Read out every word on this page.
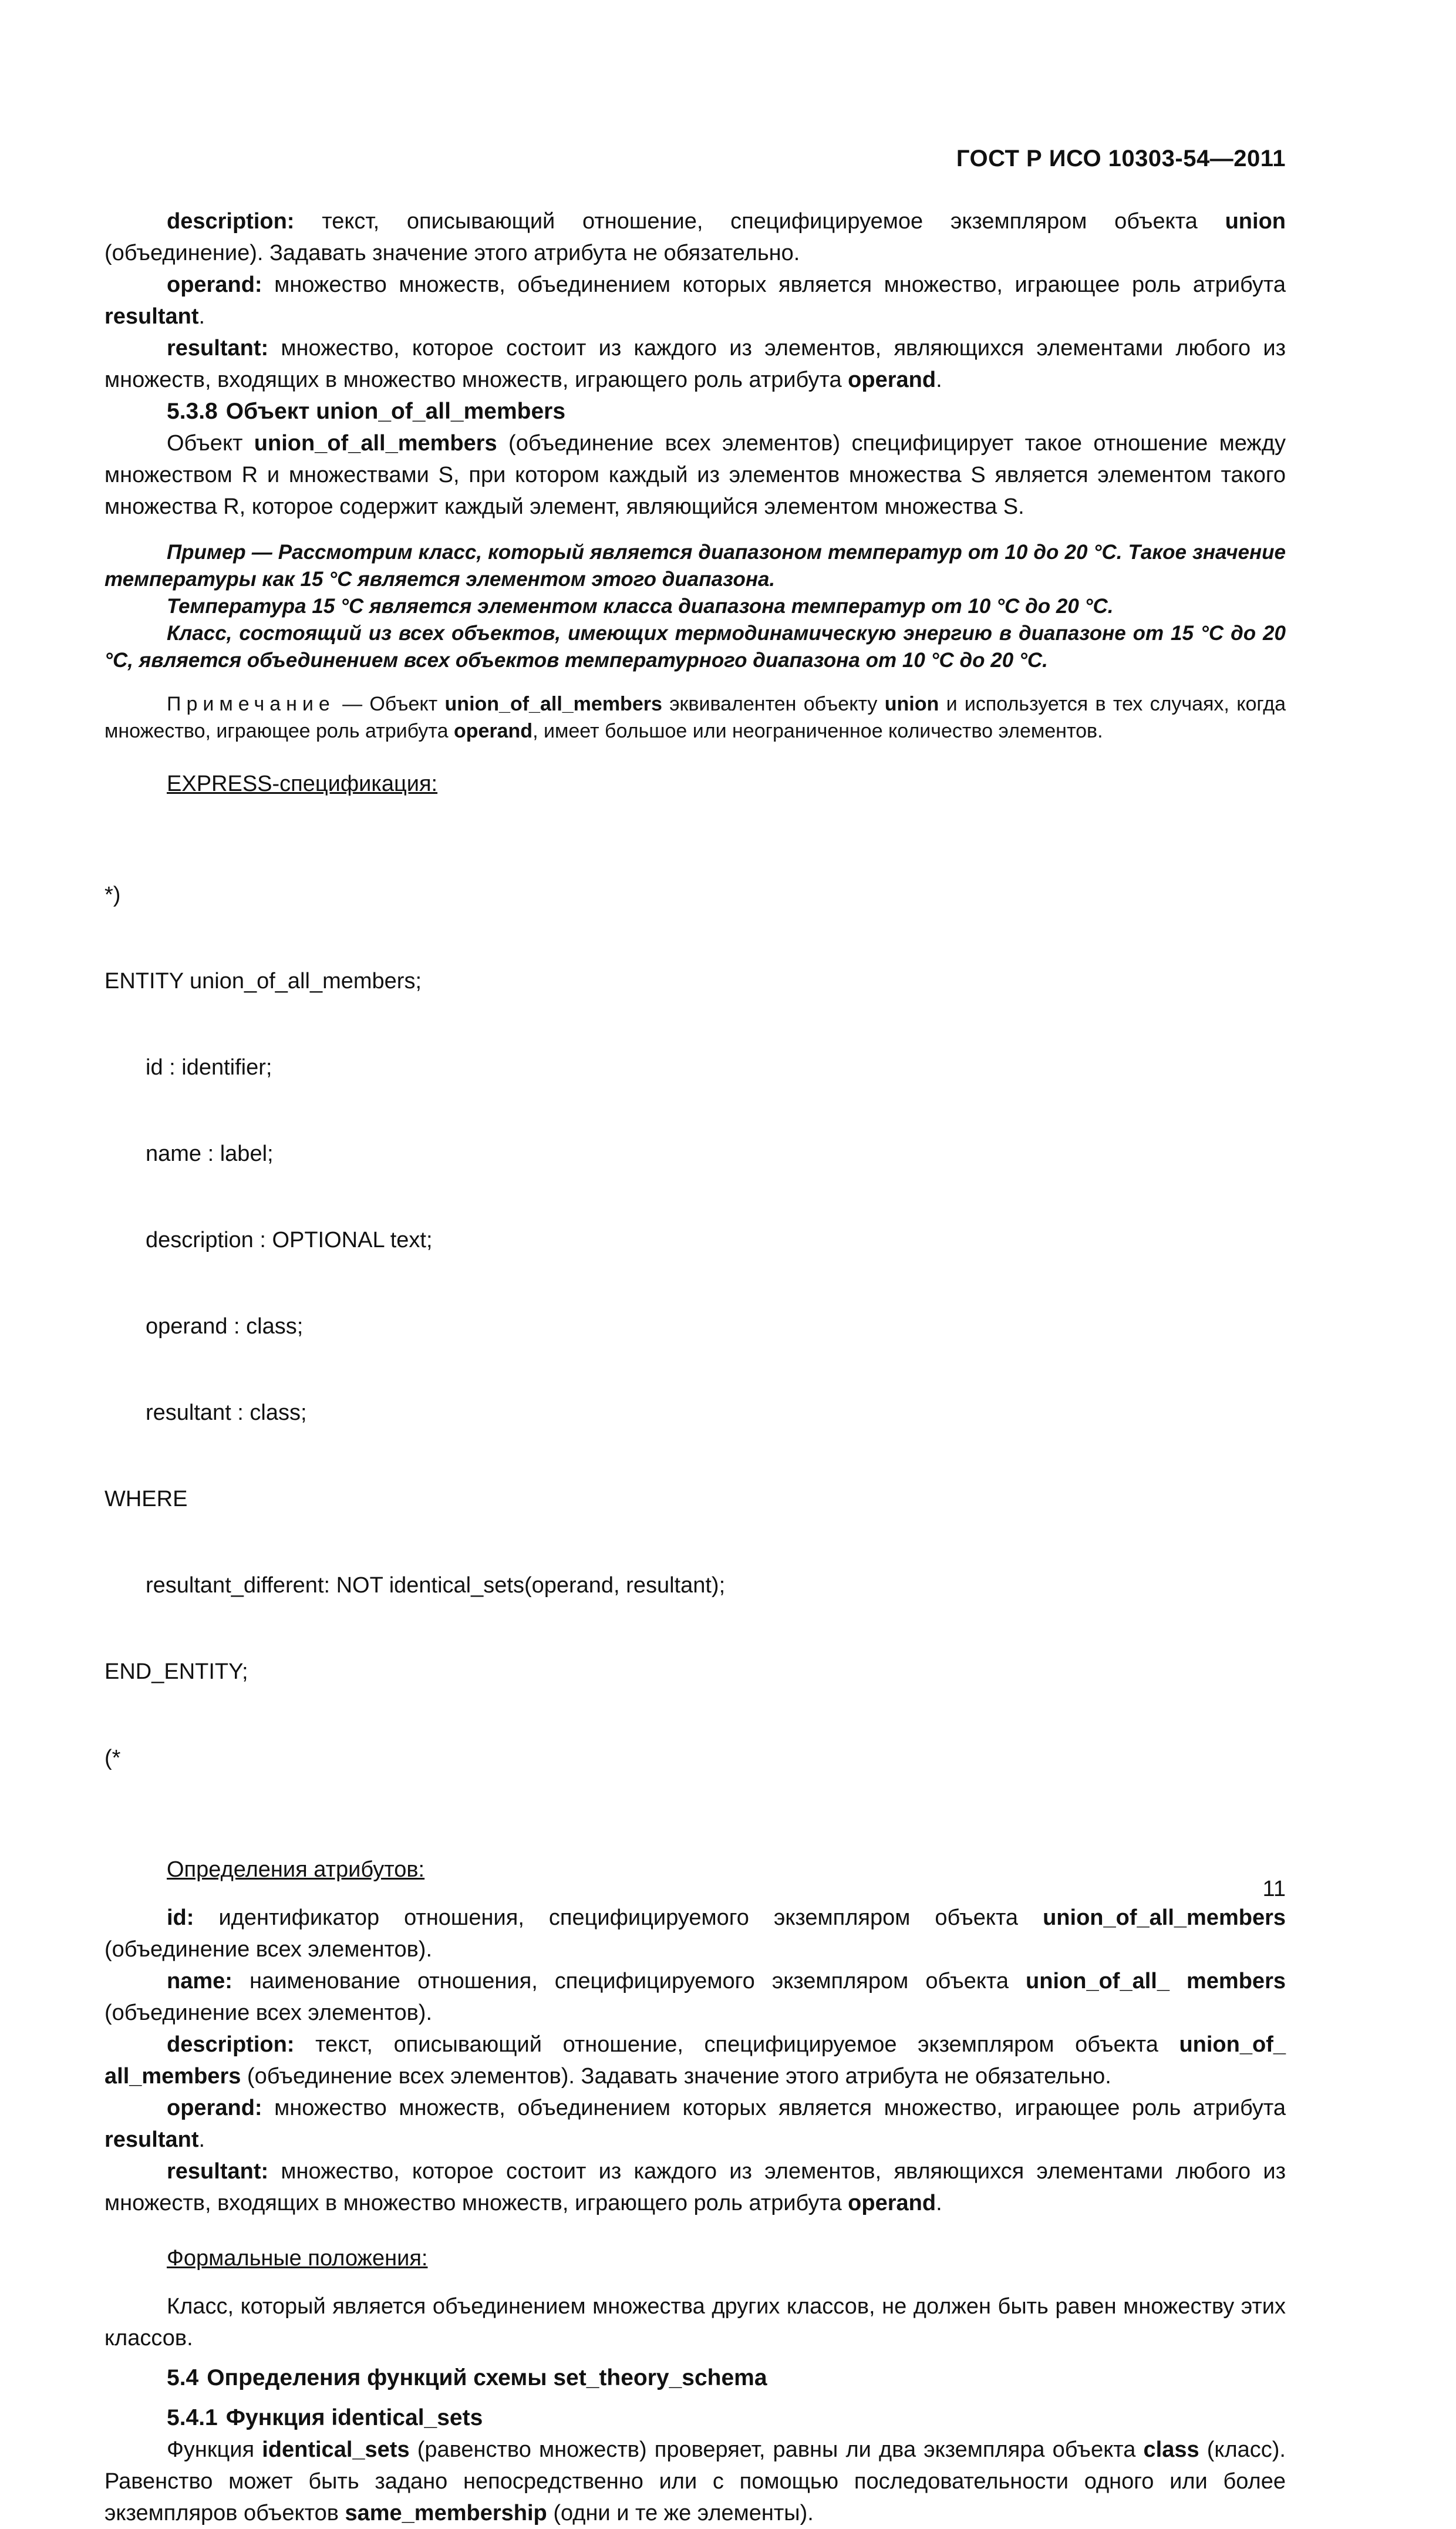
ГОСТ Р ИСО 10303-54—2011

description: текст, описывающий отношение, специфицируемое экземпляром объекта union (объединение). Задавать значение этого атрибута не обязательно.

operand: множество множеств, объединением которых является множество, играющее роль атрибута resultant.

resultant: множество, которое состоит из каждого из элементов, являющихся элементами любого из множеств, входящих в множество множеств, играющего роль атрибута operand.

5.3.8 Объект union_of_all_members

Объект union_of_all_members (объединение всех элементов) специфицирует такое отношение между множеством R и множествами S, при котором каждый из элементов множества S является элементом такого множества R, которое содержит каждый элемент, являющийся элементом множества S.

Пример — Рассмотрим класс, который является диапазоном температур от 10 до 20 °С. Такое значение температуры как 15 °С является элементом этого диапазона.

Температура 15 °С является элементом класса диапазона температур от 10 °С до 20 °С.

Класс, состоящий из всех объектов, имеющих термодинамическую энергию в диапазоне от 15 °С до 20 °С, является объединением всех объектов температурного диапазона от 10 °С до 20 °С.

Примечание — Объект union_of_all_members эквивалентен объекту union и используется в тех случаях, когда множество, играющее роль атрибута operand, имеет большое или неограниченное количество элементов.

EXPRESS-спецификация:

*)

ENTITY union_of_all_members;

id : identifier;

name : label;

description : OPTIONAL text;

operand : class;

resultant : class;

WHERE

resultant_different: NOT identical_sets(operand, resultant);

END_ENTITY;

(*

Определения атрибутов:

id: идентификатор отношения, специфицируемого экземпляром объекта union_of_all_members (объединение всех элементов).

name: наименование отношения, специфицируемого экземпляром объекта union_of_all_ members (объединение всех элементов).

description: текст, описывающий отношение, специфицируемое экземпляром объекта union_of_ all_members (объединение всех элементов). Задавать значение этого атрибута не обязательно.

operand: множество множеств, объединением которых является множество, играющее роль атрибута resultant.

resultant: множество, которое состоит из каждого из элементов, являющихся элементами любого из множеств, входящих в множество множеств, играющего роль атрибута operand.

Формальные положения:

Класс, который является объединением множества других классов, не должен быть равен множеству этих классов.

5.4 Определения функций схемы set_theory_schema
5.4.1 Функция identical_sets

Функция identical_sets (равенство множеств) проверяет, равны ли два экземпляра объекта class (класс). Равенство может быть задано непосредственно или с помощью последовательности одного или более экземпляров объектов same_membership (одни и те же элементы).

11
